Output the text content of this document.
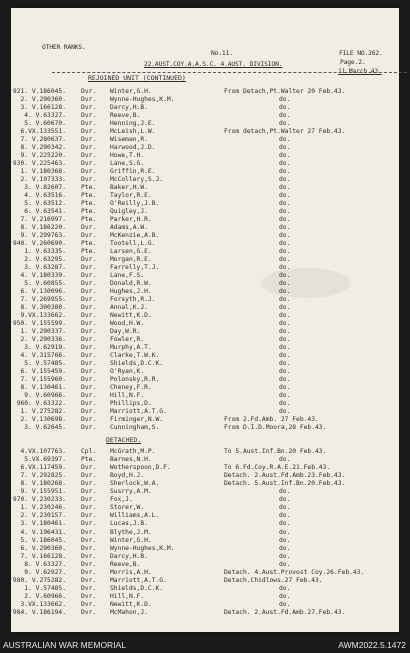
OTHER RANKS.
No.11.
22.AUST.COY.A.A.S.C. 4.AUST. DIVISION.
FILE NO.262.
Page.2.
11.March.43.
REJOINED UNIT (CONTINUED)
921. V.186045. Dvr. Winter,G.H.	From Detach,Pt.Walter 20 Feb.43.
2. V.290360. Dvr. Wynne-Hughes,K.M.	do.
3. V.166128. Dvr. Darcy,H.B.	do.
4. V.63327. Dvr. Reeve,B.	do.
5. V.60670. Dvr. Henning,J.E.	do.
6.VX.133551. Dvr. McLeish,L.W.	From detach,Pt.Walter 27 Feb.43.
7. V.280637. Dvr. Wiseman,R.	do.
8. V.290342. Dvr. Harwood,J.D.	do.
9. V.225220. Dvr. Howe,T.H.	do.
930. V.225463. Dvr. Lane,S.G.	do.
1. V.180368. Dvr. Griffin,R.E.	do.
2. V.197333. Dvr. McCollery,S.J.	do.
3. V.82607. Pte. Baker,H.W.	do.
4. V.63516. Pte. Taylor,R.E.	do.
5. V.63512. Pte. O'Reilly,J.B.	do.
6. V.63541. Pte. Quigley,J.	do.
7. V.216997. Pte. Parker,H.R.	do.
8. V.186220. Dvr. Adams,A.W.	do.
9. V.299763. Dvr. McKenzie,A.B.	do.
940. V.260690. Pte. Tootell,L.G.	do.
1. V.63335. Pte. Larsen,G.E.	do.
2. V.63295. Dvr. Morgan,R.E.	do.
3. V.63287. Dvr. Farrelly,T.J.	do.
4. V.180339. Dvr. Lane,F.S.	do.
5. V.60855. Dvr. Donald,R.W.	do.
6. V.130096. Dvr. Hughes,J.H.	do.
7. V.269955. Dvr. Forsyth,R.J.	do.
8. V.300380. Dvr. Annal,K.J.	do.
9.VX.133662. Dvr. Newitt,K.D.	do.
950. V.155599. Dvr. Wood,H.W.	do.
1. V.290337. Dvr. Day,W.R.	do.
2. V.290336. Dvr. Fowler,R.	do.
3. V.62919. Dvr. Murphy,A.T.	do.
4. V.315766. Dvr. Clarke,T.W.K.	do.
5. V.57485. Dvr. Shields,D.C.K.	do.
6. V.155459. Dvr. O'Ryan,K.	do.
7. V.155960. Dvr. Polonsky,R.R.	do.
8. V.130461. Dvr. Cheney,F.R.	do.
9. V.60966. Dvr. Hill,N.F.	do.
960. V.63322. Dvr. Phillips,D.	do.
1. V.275282. Dvr. Marriott,A.T.G.	do.
2. V.130698. Dvr. Firminger,N.W.	From 2.Fd.Amb. 27 Feb.43.
3. V.62645. Dvr. Cunningham,S.	From D.I.D.Moora,28 Feb.43.
DETACHED.
4.VX.107763. Cpl. McGrath,M.P.	To 5.Aust.Inf.Bn.20 Feb.43.
5.VX.69397. Pte. Barnes,N.H.	do.
6.VX.117459. Dvr. Wotherspoon,D.F.	To 6.Fd.Coy.R.A.E.21.Feb.43.
7. V.292825. Dvr. Boyd,H.J.	Detach. 2.Aust.Fd.Amb.23.Feb.43.
8. V.180268. Dvr. Sherlock,W.A.	Detach. 5.Aust.Inf.Bn.20.Feb.43.
9. V.155951. Dvr. Susrry,A.M.	do.
970. V.230233. Dvr. Fox,J.	do.
1. V.230246. Dvr. Storer,W.	do.
2. V.230157. Dvr. Williams,A.L.	do.
3. V.180461. Dvr. Lucas,J.B.	do.
4. V.196431. Dvr. Blythe,J.M.	do.
5. V.186045. Dvr. Winter,G.H.	do.
6. V.290360. Dvr. Wynne-Hughes,K.M.	do.
7. V.166128. Dvr. Darcy,H.B.	do.
8. V.63327. Dvr. Reeve,B.	do.
9. V.62927. Dvr. Morris,A.H.	Detach. 4.Aust.Provost Coy.26.Feb.43.
980. V.275282. Dvr. Marriott,A.T.G.	Detach.Chidlows.27 Feb.43.
1. V.57485. Dvr. Shields,D.C.K.	do.
2. V.60966. Dvr. Hill,N.F.	do.
3.VX.133662. Dvr. Newitt,K.D.	do.
984. V.186194. Dvr. McMahon,J.	Detach. 2.Aust.Fd.Amb.27.Feb.43.
AUSTRALIAN WAR MEMORIAL	AWM2022.5.1472
